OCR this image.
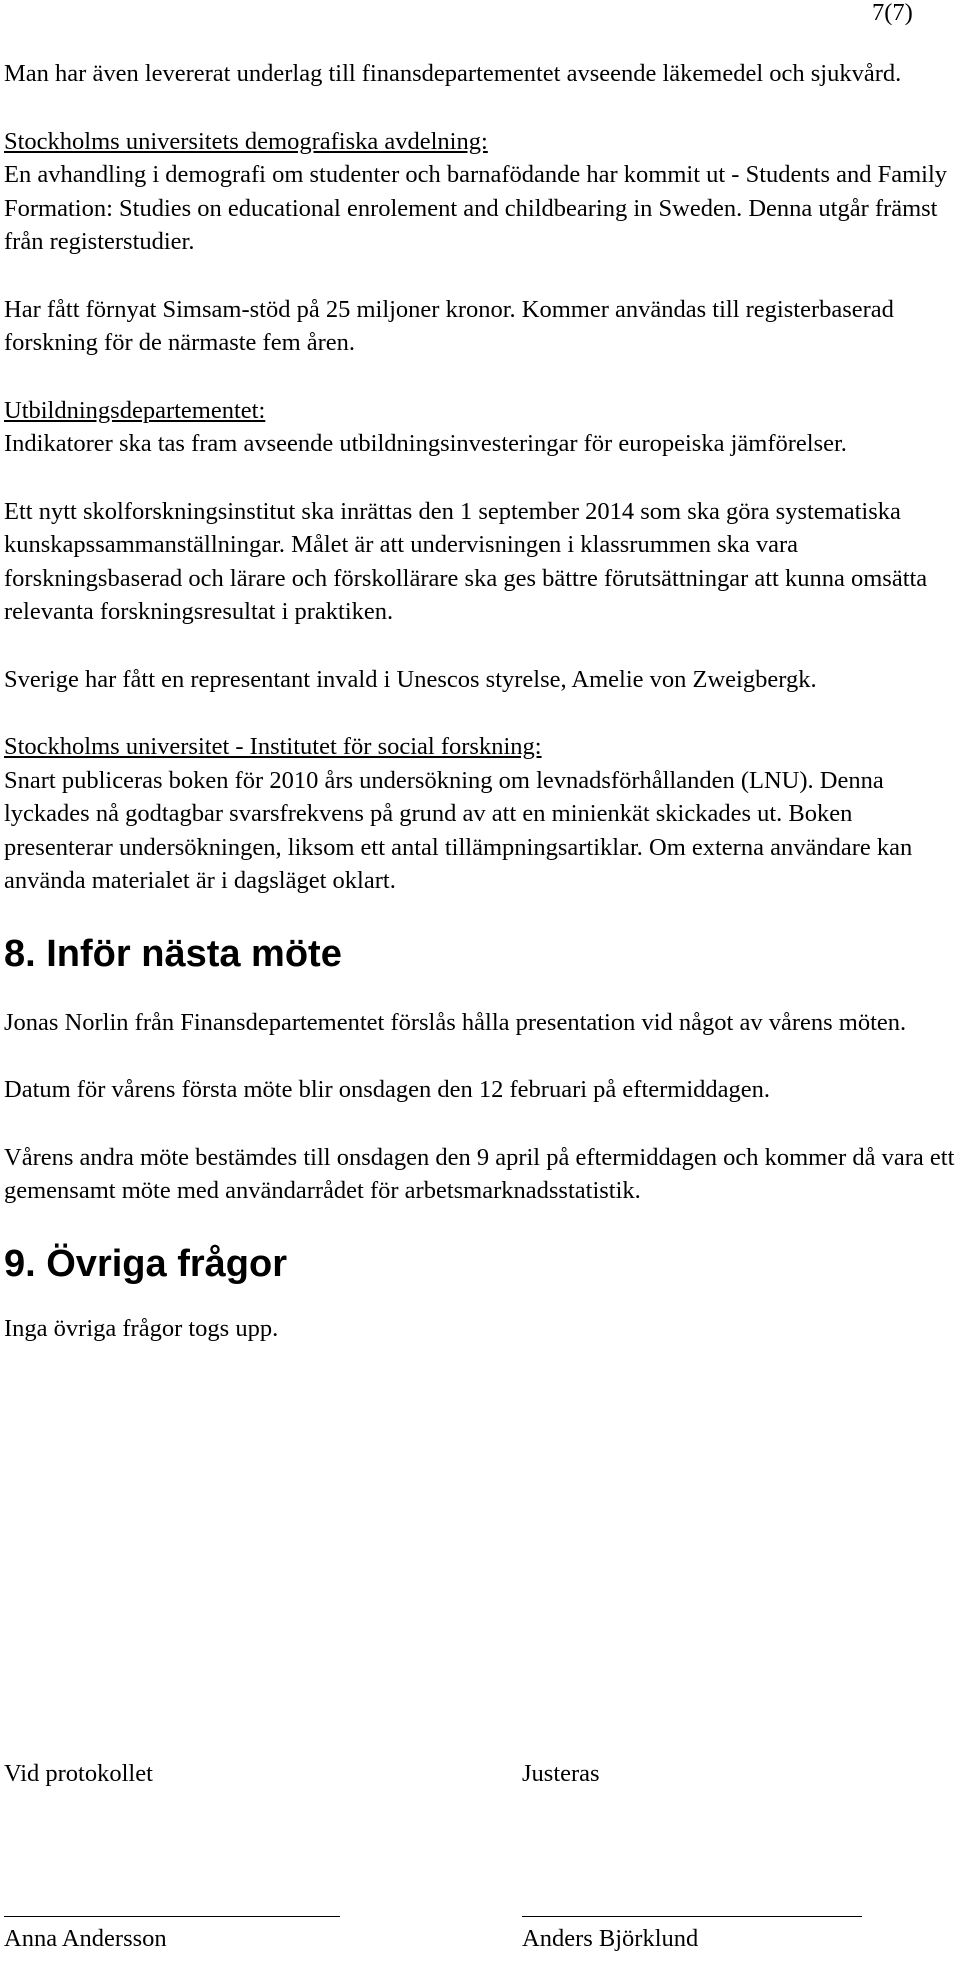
7(7)

Man har även levererat underlag till finansdepartementet avseende läkemedel och sjukvård.

Stockholms universitets demografiska avdelning:

En avhandling i demografi om studenter och barnafödande har kommit ut - Students and Family Formation: Studies on educational enrolement and childbearing in Sweden. Denna utgår främst från registerstudier.

Har fått förnyat Simsam-stöd på 25 miljoner kronor. Kommer användas till registerbaserad forskning för de närmaste fem åren.

Utbildningsdepartementet:

Indikatorer ska tas fram avseende utbildningsinvesteringar för europeiska jämförelser.

Ett nytt skolforskningsinstitut ska inrättas den 1 september 2014 som ska göra systematiska kunskapssammanställningar. Målet är att undervisningen i klassrummen ska vara forskningsbaserad och lärare och förskollärare ska ges bättre förutsättningar att kunna omsätta relevanta forskningsresultat i praktiken.

Sverige har fått en representant invald i Unescos styrelse, Amelie von Zweigbergk.

Stockholms universitet - Institutet för social forskning:

Snart publiceras boken för 2010 års undersökning om levnadsförhållanden (LNU). Denna lyckades nå godtagbar svarsfrekvens på grund av att en minienkät skickades ut. Boken presenterar undersökningen, liksom ett antal tillämpningsartiklar. Om externa användare kan använda materialet är i dagsläget oklart.

8. Inför nästa möte

Jonas Norlin från Finansdepartementet förslås hålla presentation vid något av vårens möten.

Datum för vårens första möte blir onsdagen den 12 februari på eftermiddagen.

Vårens andra möte bestämdes till onsdagen den 9 april på eftermiddagen och kommer då vara ett gemensamt möte med användarrådet för arbetsmarknadsstatistik.

9. Övriga frågor

Inga övriga frågor togs upp.

Vid protokollet	Justeras
Anna Andersson	Anders Björklund
